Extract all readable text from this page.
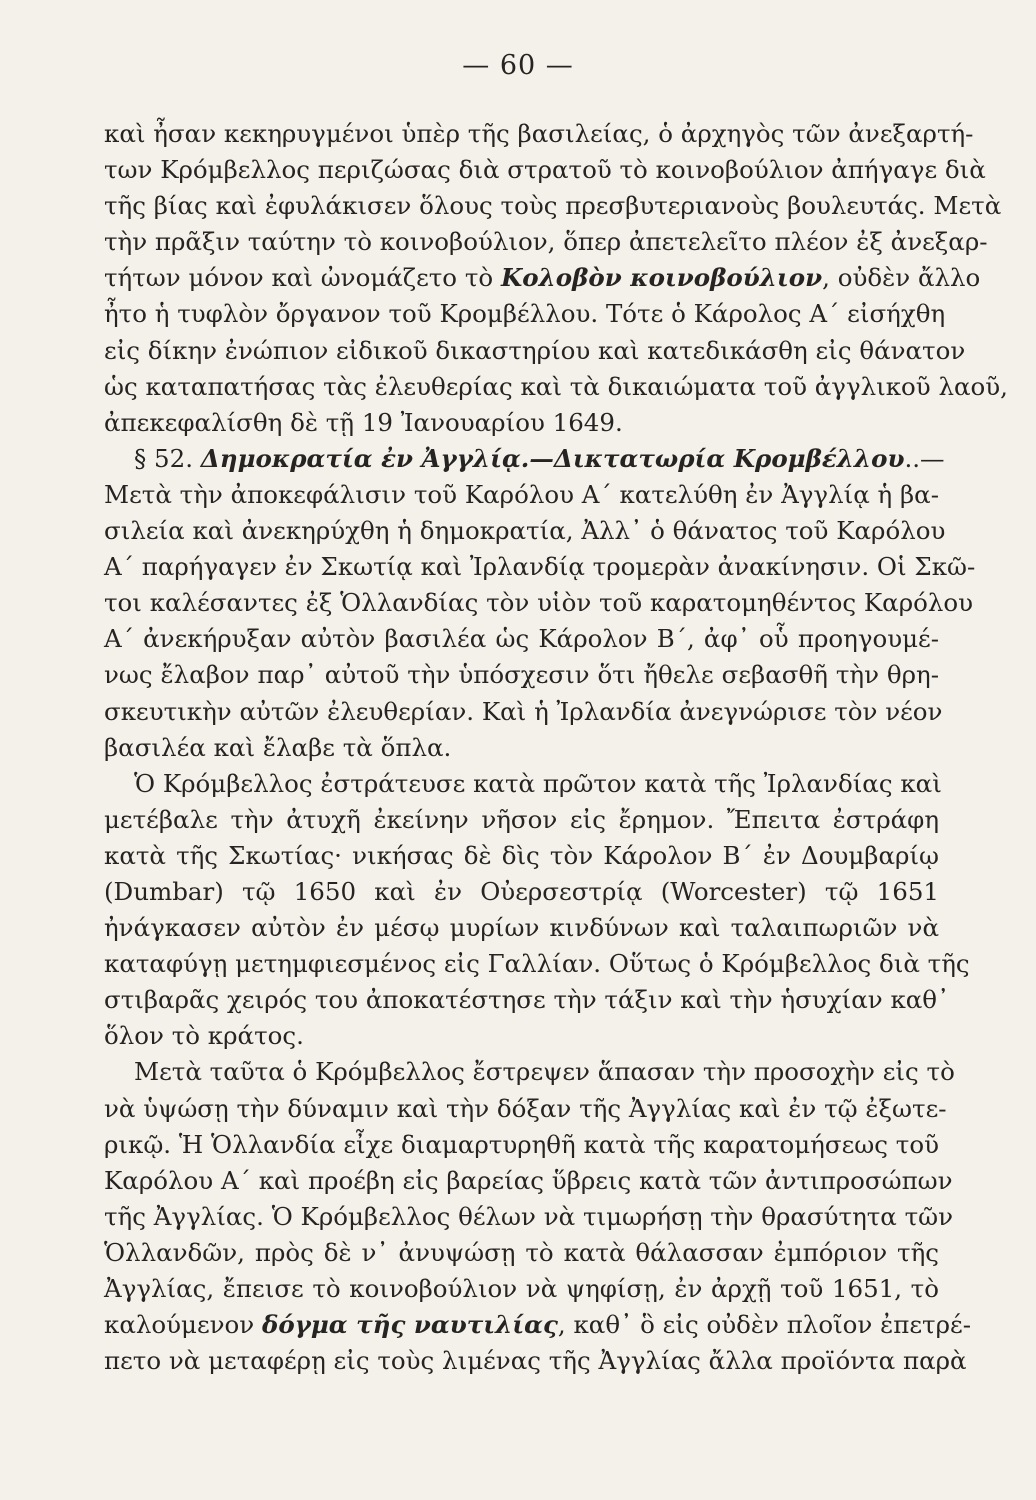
— 60 —
καὶ ἦσαν κεκηρυγμένοι ὑπὲρ τῆς βασιλείας, ὁ ἀρχηγὸς τῶν ἀνεξαρτή-
των Κρόμβελλος περιζώσας διὰ στρατοῦ τὸ κοινοβούλιον ἀπήγαγε διὰ
τῆς βίας καὶ ἐφυλάκισεν ὅλους τοὺς πρεσβυτεριανοὺς βουλευτάς. Μετὰ
τὴν πρᾶξιν ταύτην τὸ κοινοβούλιον, ὅπερ ἀπετελεῖτο πλέον ἐξ ἀνεξαρ-
τήτων μόνον καὶ ὠνομάζετο τὸ Κολοβὸν κοινοβούλιον, οὐδὲν ἄλλο
ἦτο ἡ τυφλὸν ὄργανον τοῦ Κρομβέλλου. Τότε ὁ Κάρολος Α΄ εἰσήχθη
εἰς δίκην ἐνώπιον εἰδικοῦ δικαστηρίου καὶ κατεδικάσθη εἰς θάνατον
ὡς καταπατήσας τὰς ἐλευθερίας καὶ τὰ δικαιώματα τοῦ ἀγγλικοῦ λαοῦ,
ἀπεκεφαλίσθη δὲ τῇ 19 Ἰανουαρίου 1649.
§ 52. Δημοκρατία ἐν Ἀγγλίᾳ.—Δικτατωρία Κρομβέλλου..—
Μετὰ τὴν ἀποκεφάλισιν τοῦ Καρόλου Α΄ κατελύθη ἐν Ἀγγλίᾳ ἡ βα-
σιλεία καὶ ἀνεκηρύχθη ἡ δημοκρατία, Ἀλλ᾽ ὁ θάνατος τοῦ Καρόλου
Α΄ παρήγαγεν ἐν Σκωτίᾳ καὶ Ἰρλανδίᾳ τρομερὰν ἀνακίνησιν. Οἱ Σκῶ-
τοι καλέσαντες ἐξ Ὁλλανδίας τὸν υἱὸν τοῦ καρατομηθέντος Καρόλου
Α΄ ἀνεκήρυξαν αὐτὸν βασιλέα ὡς Κάρολον Β΄, ἀφ᾽ οὗ προηγουμέ-
νως ἔλαβον παρ᾽ αὐτοῦ τὴν ὑπόσχεσιν ὅτι ἤθελε σεβασθῆ τὴν θρη-
σκευτικὴν αὐτῶν ἐλευθερίαν. Καὶ ἡ Ἰρλανδία ἀνεγνώρισε τὸν νέον
βασιλέα καὶ ἔλαβε τὰ ὅπλα.
Ὁ Κρόμβελλος ἐστράτευσε κατὰ πρῶτον κατὰ τῆς Ἰρλανδίας καὶ
μετέβαλε τὴν ἀτυχῆ ἐκείνην νῆσον εἰς ἔρημον. Ἔπειτα ἐστράφη
κατὰ τῆς Σκωτίας· νικήσας δὲ δὶς τὸν Κάρολον Β΄ ἐν Δουμβαρίῳ
(Dumbar) τῷ 1650 καὶ ἐν Οὐερσεστρίᾳ (Worcester) τῷ 1651
ἠνάγκασεν αὐτὸν ἐν μέσῳ μυρίων κινδύνων καὶ ταλαιπωριῶν νὰ
καταφύγῃ μετημφιεσμένος εἰς Γαλλίαν. Οὕτως ὁ Κρόμβελλος διὰ τῆς
στιβαρᾶς χειρός του ἀποκατέστησε τὴν τάξιν καὶ τὴν ἡσυχίαν καθ᾽
ὅλον τὸ κράτος.
Μετὰ ταῦτα ὁ Κρόμβελλος ἔστρεψεν ἅπασαν τὴν προσοχὴν εἰς τὸ
νὰ ὑψώσῃ τὴν δύναμιν καὶ τὴν δόξαν τῆς Ἀγγλίας καὶ ἐν τῷ ἐξωτε-
ρικῷ. Ἡ Ὁλλανδία εἶχε διαμαρτυρηθῆ κατὰ τῆς καρατομήσεως τοῦ
Καρόλου Α΄ καὶ προέβη εἰς βαρείας ὕβρεις κατὰ τῶν ἀντιπροσώπων
τῆς Ἀγγλίας. Ὁ Κρόμβελλος θέλων νὰ τιμωρήσῃ τὴν θρασύτητα τῶν
Ὁλλανδῶν, πρὸς δὲ ν᾽ ἀνυψώσῃ τὸ κατὰ θάλασσαν ἐμπόριον τῆς
Ἀγγλίας, ἔπεισε τὸ κοινοβούλιον νὰ ψηφίσῃ, ἐν ἀρχῇ τοῦ 1651, τὸ
καλούμενον δόγμα τῆς ναυτιλίας, καθ᾽ ὃ εἰς οὐδὲν πλοῖον ἐπετρέ-
πετο νὰ μεταφέρῃ εἰς τοὺς λιμένας τῆς Ἀγγλίας ἄλλα προϊόντα παρὰ
